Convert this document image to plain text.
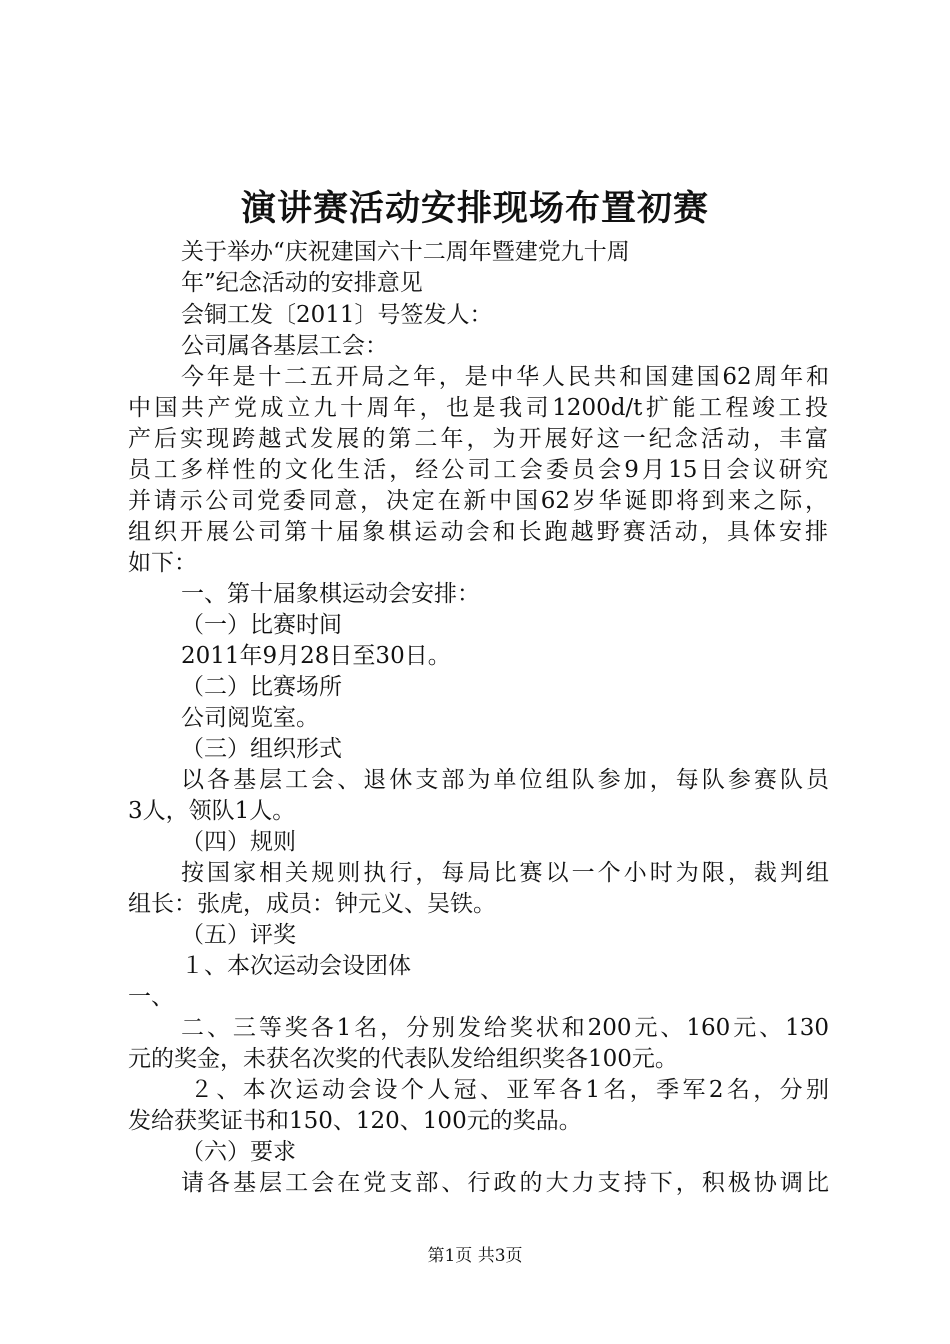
演讲赛活动安排现场布置初赛
关于举办“庆祝建国六十二周年暨建党九十周
年”纪念活动的安排意见
会铜工发〔2011〕号签发人：
公司属各基层工会：
今年是十二五开局之年，是中华人民共和国建国62周年和
中国共产党成立九十周年，也是我司1200d/t扩能工程竣工投
产后实现跨越式发展的第二年，为开展好这一纪念活动，丰富
员工多样性的文化生活，经公司工会委员会9月15日会议研究
并请示公司党委同意，决定在新中国62岁华诞即将到来之际，
组织开展公司第十届象棋运动会和长跑越野赛活动，具体安排
如下：
一、第十届象棋运动会安排：
（一）比赛时间
2011年9月28日至30日。
（二）比赛场所
公司阅览室。
（三）组织形式
以各基层工会、退休支部为单位组队参加，每队参赛队员
3人，领队1人。
（四）规则
按国家相关规则执行，每局比赛以一个小时为限，裁判组
组长：张虎，成员：钟元义、吴铁。
（五）评奖
１、本次运动会设团体
一、
二、三等奖各1名，分别发给奖状和200元、160元、130
元的奖金，未获名次奖的代表队发给组织奖各100元。
２、本次运动会设个人冠、亚军各1名，季军2名，分别
发给获奖证书和150、120、100元的奖品。
（六）要求
请各基层工会在党支部、行政的大力支持下，积极协调比
第1页 共3页
